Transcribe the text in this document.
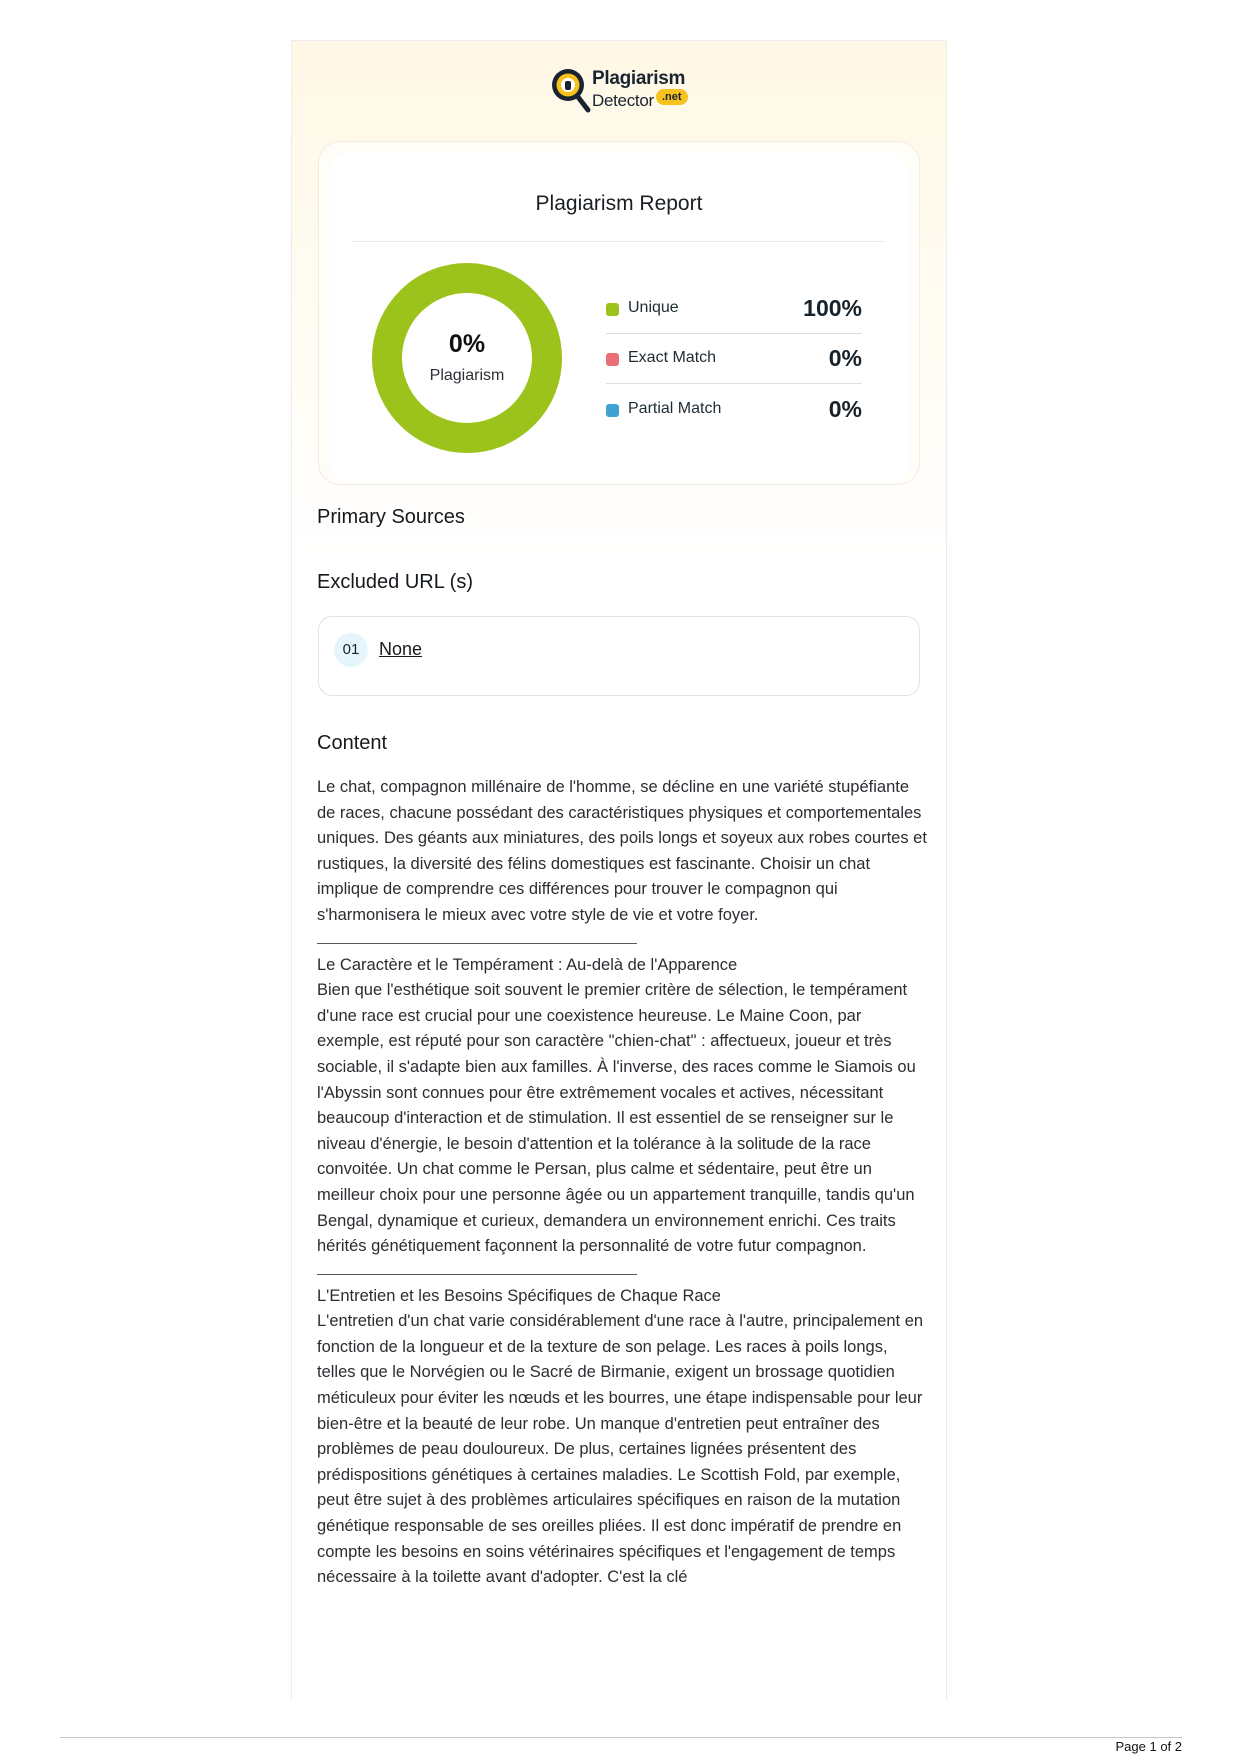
Plagiarism
Detector .net
Plagiarism Report
0%
Plagiarism
Unique	100%
Exact Match	0%
Partial Match	0%
Primary Sources
Excluded URL (s)
01	None
Content

Le chat, compagnon millénaire de l'homme, se décline en une variété stupéfiante de races, chacune possédant des caractéristiques physiques et comportementales uniques. Des géants aux miniatures, des poils longs et soyeux aux robes courtes et rustiques, la diversité des félins domestiques est fascinante. Choisir un chat implique de comprendre ces différences pour trouver le compagnon qui s'harmonisera le mieux avec votre style de vie et votre foyer.

Le Caractère et le Tempérament : Au-delà de l'Apparence

Bien que l'esthétique soit souvent le premier critère de sélection, le tempérament d'une race est crucial pour une coexistence heureuse. Le Maine Coon, par exemple, est réputé pour son caractère "chien-chat" : affectueux, joueur et très sociable, il s'adapte bien aux familles. À l'inverse, des races comme le Siamois ou l'Abyssin sont connues pour être extrêmement vocales et actives, nécessitant beaucoup d'interaction et de stimulation. Il est essentiel de se renseigner sur le niveau d'énergie, le besoin d'attention et la tolérance à la solitude de la race convoitée. Un chat comme le Persan, plus calme et sédentaire, peut être un meilleur choix pour une personne âgée ou un appartement tranquille, tandis qu'un Bengal, dynamique et curieux, demandera un environnement enrichi. Ces traits hérités génétiquement façonnent la personnalité de votre futur compagnon.

L'Entretien et les Besoins Spécifiques de Chaque Race

L'entretien d'un chat varie considérablement d'une race à l'autre, principalement en fonction de la longueur et de la texture de son pelage. Les races à poils longs, telles que le Norvégien ou le Sacré de Birmanie, exigent un brossage quotidien méticuleux pour éviter les nœuds et les bourres, une étape indispensable pour leur bien-être et la beauté de leur robe. Un manque d'entretien peut entraîner des problèmes de peau douloureux. De plus, certaines lignées présentent des prédispositions génétiques à certaines maladies. Le Scottish Fold, par exemple, peut être sujet à des problèmes articulaires spécifiques en raison de la mutation génétique responsable de ses oreilles pliées. Il est donc impératif de prendre en compte les besoins en soins vétérinaires spécifiques et l'engagement de temps nécessaire à la toilette avant d'adopter. C'est la clé

Page 1 of 2
